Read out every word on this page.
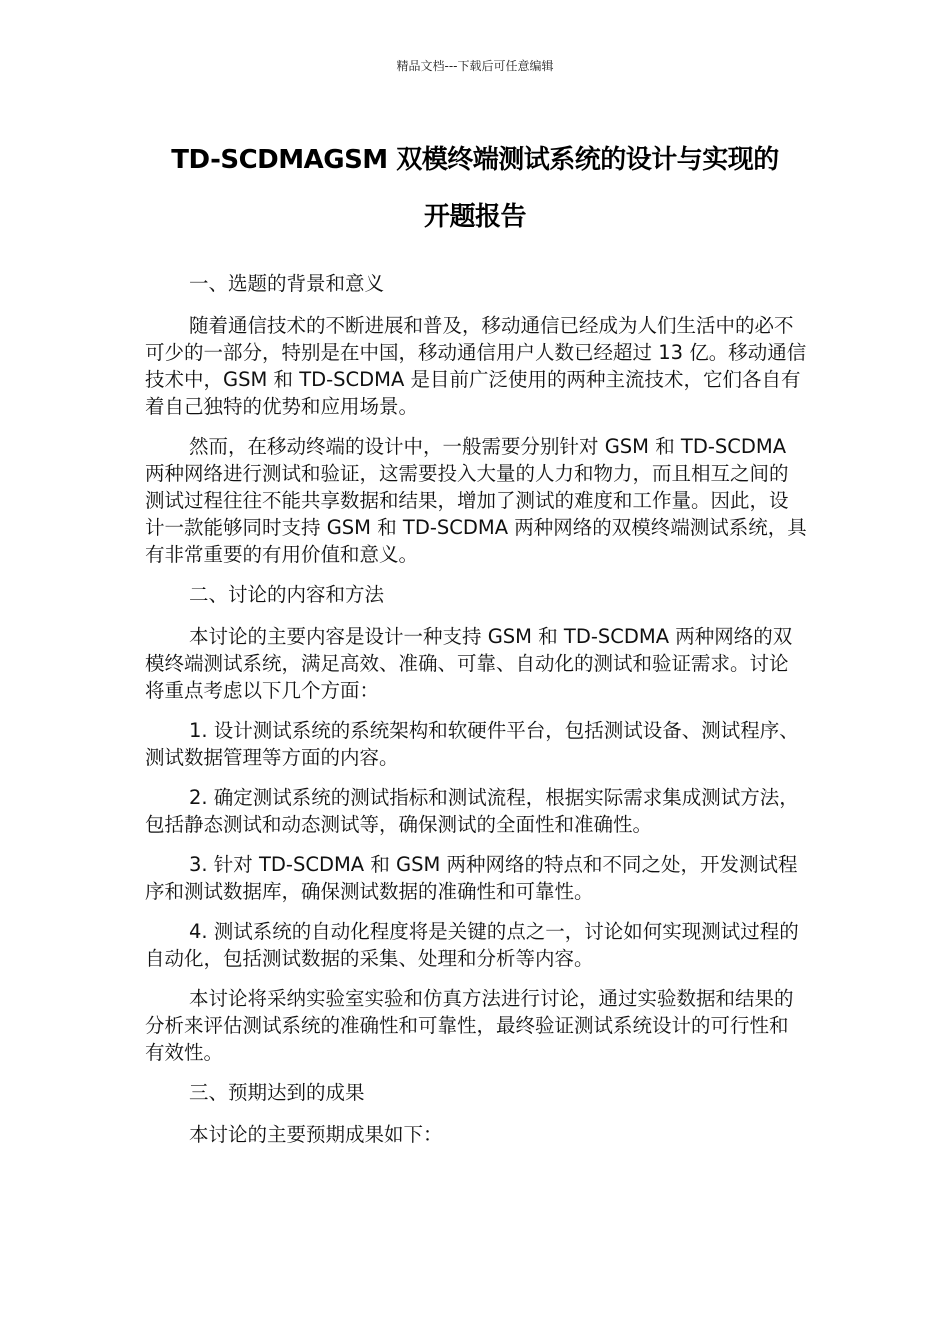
精品文档---下载后可任意编辑
TD-SCDMAGSM 双模终端测试系统的设计与实现的
开题报告

一、选题的背景和意义

随着通信技术的不断进展和普及，移动通信已经成为人们生活中的必不可少的一部分，特别是在中国，移动通信用户人数已经超过 13 亿。移动通信技术中，GSM 和 TD-SCDMA 是目前广泛使用的两种主流技术，它们各自有着自己独特的优势和应用场景。

然而，在移动终端的设计中，一般需要分别针对 GSM 和 TD-SCDMA 两种网络进行测试和验证，这需要投入大量的人力和物力，而且相互之间的测试过程往往不能共享数据和结果，增加了测试的难度和工作量。因此，设计一款能够同时支持 GSM 和 TD-SCDMA 两种网络的双模终端测试系统，具有非常重要的有用价值和意义。

二、讨论的内容和方法

本讨论的主要内容是设计一种支持 GSM 和 TD-SCDMA 两种网络的双模终端测试系统，满足高效、准确、可靠、自动化的测试和验证需求。讨论将重点考虑以下几个方面：

1. 设计测试系统的系统架构和软硬件平台，包括测试设备、测试程序、测试数据管理等方面的内容。

2. 确定测试系统的测试指标和测试流程，根据实际需求集成测试方法，包括静态测试和动态测试等，确保测试的全面性和准确性。

3. 针对 TD-SCDMA 和 GSM 两种网络的特点和不同之处，开发测试程序和测试数据库，确保测试数据的准确性和可靠性。

4. 测试系统的自动化程度将是关键的点之一，讨论如何实现测试过程的自动化，包括测试数据的采集、处理和分析等内容。

本讨论将采纳实验室实验和仿真方法进行讨论，通过实验数据和结果的分析来评估测试系统的准确性和可靠性，最终验证测试系统设计的可行性和有效性。

三、预期达到的成果

本讨论的主要预期成果如下：
